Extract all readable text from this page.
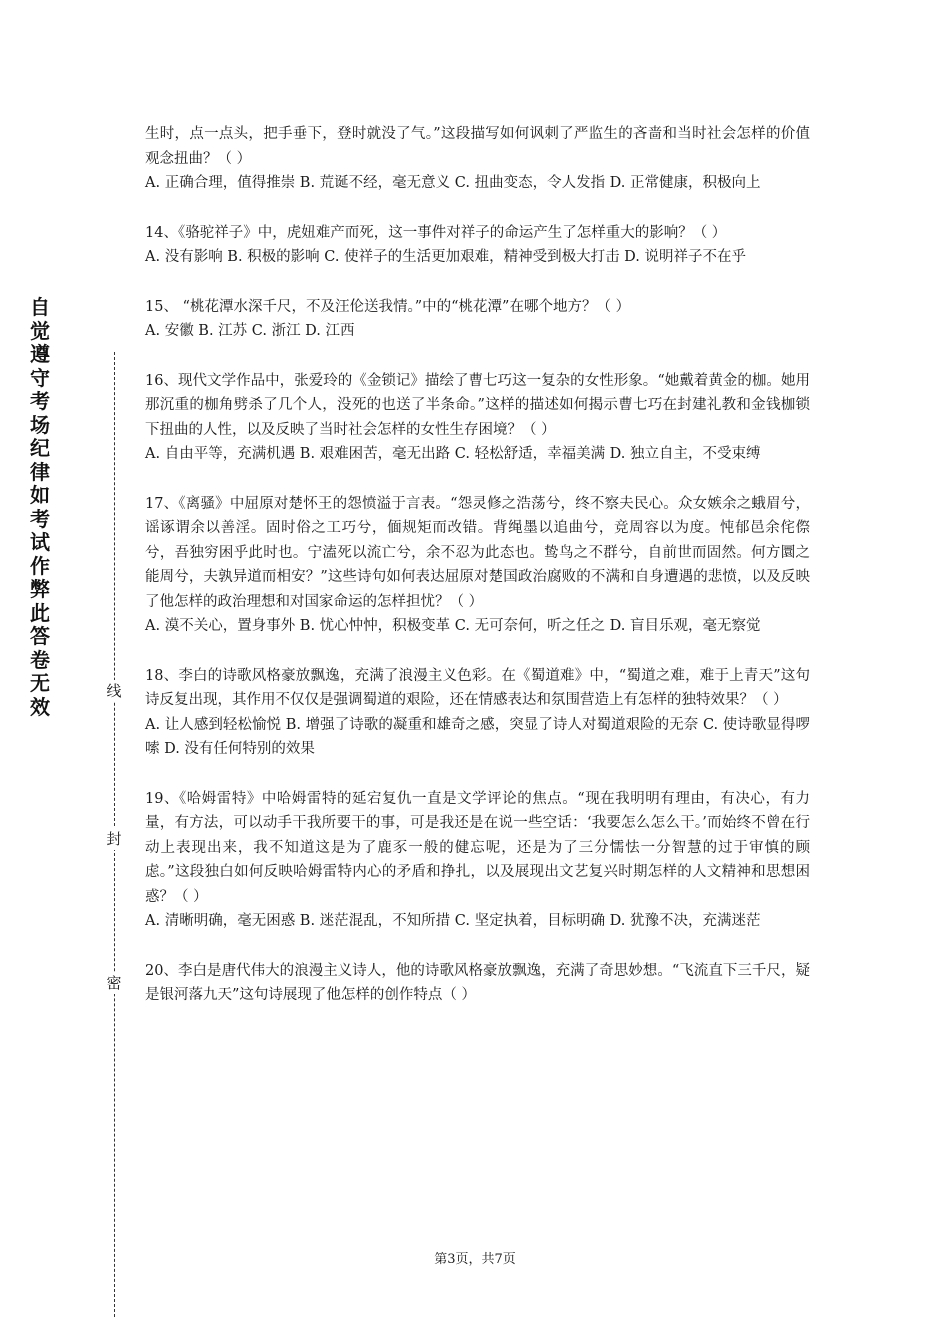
自觉遵守考场纪律如考试作弊此答卷无效
线
封
密

生时，点一点头，把手垂下，登时就没了气。”这段描写如何讽刺了严监生的吝啬和当时社会怎样的价值观念扭曲？（ ）

A. 正确合理，值得推崇 B. 荒诞不经，毫无意义 C. 扭曲变态，令人发指 D. 正常健康，积极向上

14、《骆驼祥子》中，虎妞难产而死，这一事件对祥子的命运产生了怎样重大的影响？（ ）

A. 没有影响 B. 积极的影响 C. 使祥子的生活更加艰难，精神受到极大打击 D. 说明祥子不在乎

15、 “桃花潭水深千尺，不及汪伦送我情。”中的“桃花潭”在哪个地方？（ ）

A. 安徽 B. 江苏 C. 浙江 D. 江西

16、现代文学作品中，张爱玲的《金锁记》描绘了曹七巧这一复杂的女性形象。“她戴着黄金的枷。她用那沉重的枷角劈杀了几个人，没死的也送了半条命。”这样的描述如何揭示曹七巧在封建礼教和金钱枷锁下扭曲的人性，以及反映了当时社会怎样的女性生存困境？（ ）

A. 自由平等，充满机遇 B. 艰难困苦，毫无出路 C. 轻松舒适，幸福美满 D. 独立自主，不受束缚

17、《离骚》中屈原对楚怀王的怨愤溢于言表。“怨灵修之浩荡兮，终不察夫民心。众女嫉余之蛾眉兮，谣诼谓余以善淫。固时俗之工巧兮，偭规矩而改错。背绳墨以追曲兮，竞周容以为度。忳郁邑余侘傺兮，吾独穷困乎此时也。宁溘死以流亡兮，余不忍为此态也。鸷鸟之不群兮，自前世而固然。何方圜之能周兮，夫孰异道而相安？”这些诗句如何表达屈原对楚国政治腐败的不满和自身遭遇的悲愤，以及反映了他怎样的政治理想和对国家命运的怎样担忧？（ ）

A. 漠不关心，置身事外 B. 忧心忡忡，积极变革 C. 无可奈何，听之任之 D. 盲目乐观，毫无察觉

18、李白的诗歌风格豪放飘逸，充满了浪漫主义色彩。在《蜀道难》中，“蜀道之难，难于上青天”这句诗反复出现，其作用不仅仅是强调蜀道的艰险，还在情感表达和氛围营造上有怎样的独特效果？（ ）

A. 让人感到轻松愉悦 B. 增强了诗歌的凝重和雄奇之感，突显了诗人对蜀道艰险的无奈 C. 使诗歌显得啰嗦 D. 没有任何特别的效果

19、《哈姆雷特》中哈姆雷特的延宕复仇一直是文学评论的焦点。“现在我明明有理由，有决心，有力量，有方法，可以动手干我所要干的事，可是我还是在说一些空话：‘我要怎么怎么干。’而始终不曾在行动上表现出来，我不知道这是为了鹿豕一般的健忘呢，还是为了三分懦怯一分智慧的过于审慎的顾虑。”这段独白如何反映哈姆雷特内心的矛盾和挣扎，以及展现出文艺复兴时期怎样的人文精神和思想困惑？（ ）

A. 清晰明确，毫无困惑 B. 迷茫混乱，不知所措 C. 坚定执着，目标明确 D. 犹豫不决，充满迷茫

20、李白是唐代伟大的浪漫主义诗人，他的诗歌风格豪放飘逸，充满了奇思妙想。“飞流直下三千尺，疑是银河落九天”这句诗展现了他怎样的创作特点（ ）

第3页，共7页
